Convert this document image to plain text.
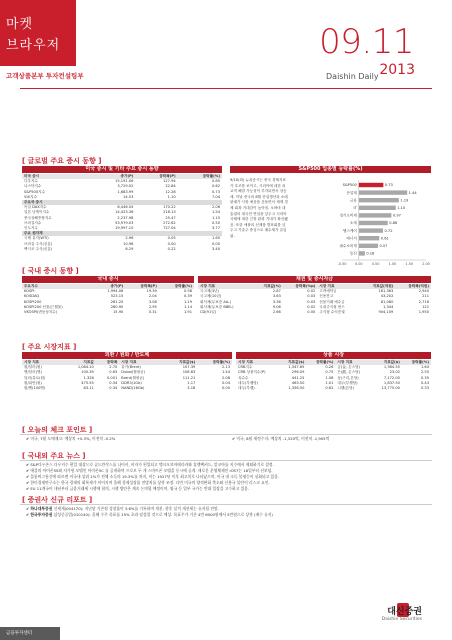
마켓
브라우저
고객상품본부 투자컨설팅부
09.11
Daishin Daily 2013
[ 글로벌 주요 증시 동향 ]
미국 증시 및 기타 주요 증시 동향	S&P500 업종별 등락률(%)
미국 증시	종가(P)	등락폭(P)	등락률(%)
다우지수	15,191.06	127.94	0.85
나스닥지수	3,729.02	22.84	0.62
S&P500지수	1,683.99	12.28	0.73
VIX지수	14.53	1.10	7.04
주요국 증시			
독일 DAX지수	8,446.54	170.22	2.06
일본 닛케이지수	14,423.36	218.13	1.54
중국상해종합지수	2,237.98	25.47	1.15
브라질지수	53,979.03	272.62	0.50
인도지수	19,997.10	727.04	3.77
주요 원자재			
국제 유가(WTI)	2.96	0.05	1.60
브라질 주식(신흥)	10.96	0.00	0.00
백시코 주식(신흥)	6.29	0.22	3.40
9/10(화) 뉴욕증시는 중국 경제지표가 호조를 보이고, 시리아에 대한 외교적 해결 가능성이 부각되면서 상승세. 이날 중국의 8월 산업생산과 소매판매가 시장 예상을 웃돌면서 세계 경제 회복 기대감이 높아짐. 오바마 대통령의 대국민 연설을 앞두고 시리아 사태에 대한 긴장 완화 기대가 확산됐음. 또한 애플의 신제품 발표회를 앞두고 기술주 중심으로 매수세가 유입됨.
S&P500	0.73
산업재	1.44
금융	1.19
IT	1.10
경기소비재	0.97
소재	0.86
헬스케어	0.72
에너지	0.61
필수소비재	0.57
통신	0.18
-0.50	0.00	0.50	1.00	1.50	2.00
[ 국내 증시 동향 ]
국내 증시	채권 및 증시자금
주요지수	종가(P)	등락폭(P)	등락률(%)
KOSPI	1,994.06	19.39	0.98
KOSDAQ	523.15	2.04	0.39
KOSPI200	261.20	3.08	1.19
KOSPI200 선물(근월물)	260.90	2.95	1.14
VKOSPI(변동성지수)	15.90	0.31	1.91
시장 지표	지표값(%)	등락폭(%p)	시장 지표	지표값(억원)	등락폭(억원)
국고채(3년)	2.87	0.02	고객예탁금	181,363	2,940
국고채(10년)	3.63	0.03	신용잔고	43,202	211
회사채(무보증 AA-)	3.36	0.03	선물거래 예수금	81,080	2,716
회사채(무보증 BBB-)	9.06	0.02	국내주식형 펀드	1,344	121
CD(91일)	2.66	0.00	주식형 수익증권	904,109	1,950
[ 주요 시장지표 ]
외환 / 원화 / 반도체	상품 시장
시장 지표	지표값	등락폭	시장 지표	지표값($)	등락률(%)
원/달러(원)	1,084.10	2.70	유가(Brent)	107.39	2.13
엔/달러(엔)	100.39	0.63	Dubai(월평균)	108.63	1.44
달러/유로(원)	1.326	0.001	Brent(월평균)	111.21	2.08
원/위안(원)	475.55	0.34	DDR3(1Gb)	1.17	0.04
원/엔(100엔)	83.11	0.34	NAND(16Gb)	3.18	0.00
시장 지표	지표값($)	등락률(%)	시장 지표	지표값($)	등락률(%)
CRB지수	1,347.65	0.26	금(金, 온스당)	1,364.55	1.64
CRB 상품지수(P)	296.09	0.75	은(銀, 온스당)	23.02	2.55
옥수수	441.25	1.08	동(구리,톤당)	7,172.00	0.35
대두(부셸당)	463.50	1.01	대두(부셸당)	1,837.50	0.43
대두(부셸)	1,356.50	0.62	니켈(톤당)	13,775.00	0.33
[ 오늘의 체크 포인트 ]
✔ 미국, 7월 도매재고: 예상치 +0.3%, 이전치 -0.2%	✔ 미국, 8월 재정수지: 예상치 -1,320억, 이전치 -1,905억
[ 국내외 주요 뉴스 ]
✔ S&P다우존스 다우지수 편입 대상으로 골드만삭스를 나이키, 비자가 편입되고 뱅크오브아메리카와 휴렛팩커드, 알코아를 지수에서 제외하기로 결정.
✔ 애플의 아이폰5S와 저가형 모델인 아이폰5C 를 공개하며 프로모 두 개 스마트폰 모델을 동시에 공개. 새로운 운영체제인 iOS7는 18일부터 선보임.
✔ 블룸버그통신에 따르면 미국내 상위 1%가 전체 소득의 19.3%를 차지, 이는 1927년 이후 최고치로 나타났으며, 미국 내 소득 불평등이 심화되고 있음.
✔ 한미경제연구소는 한국 경제의 회복세가 이어지며 올해 경제성장률 전망치를 상향 조정. 다만 미국의 양적완화 축소와 신흥국 불안이 리스크 요인.
✔ EU 11개국이 내년부터 금융거래세 시행에 합의, 시행 방안은 계속 논의될 예정이며, 영국 등 일부 국가는 반대 입장을 고수하고 있음.
[ 증권사 신규 리포트 ]
✔ 하나대투증권 신세계(004170): 지난달 기존점 성장률이 3.6%를 기록하며 개선. 향후 실적 개선세는 유지될 전망.
✔ 한국투자증권 삼성중공업(010140): 올해 수주 목표를 15% 초과 달성할 것으로 예상. 목표주가 기존 4만 6000원에서 5만원으로 상향 (매수 유지)
금융투자센터
대신증권
Daishin Securities
